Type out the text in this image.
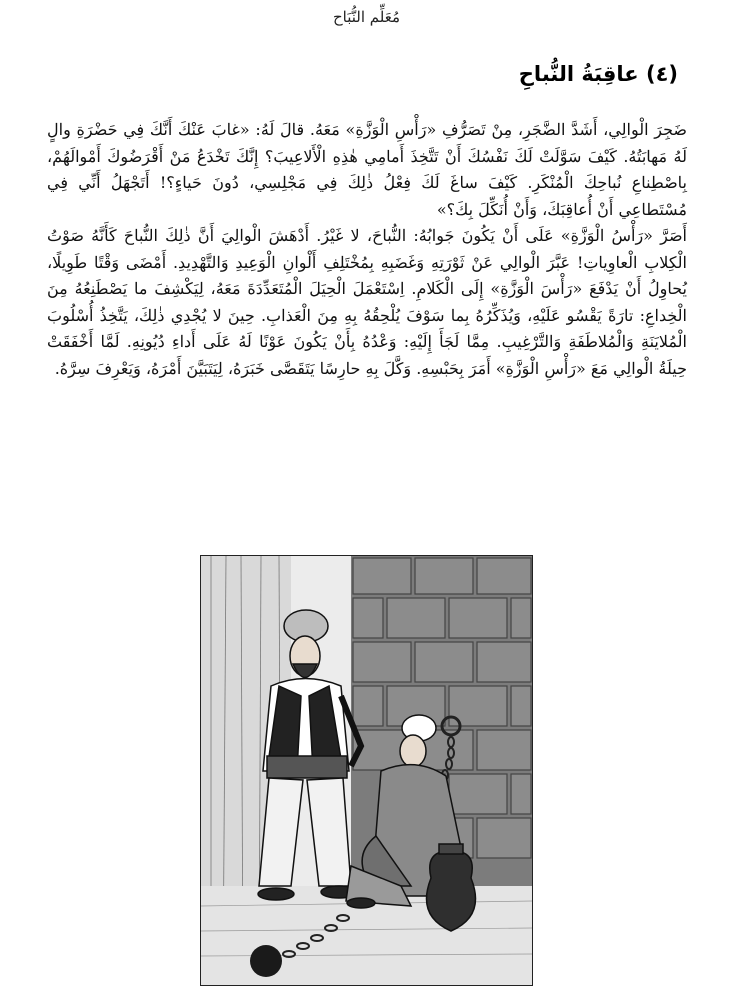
مُعَلِّم النُّبَاح
(٤) عاقِبَةُ النُّباحِ

ضَجِرَ الْوالِي، أَشَدَّ الضَّجَرِ، مِنْ تَصَرُّفِ «رَأْسِ الْوَزَّةِ» مَعَهُ. قالَ لَهُ: «غابَ عَنْكَ أَنَّكَ فِي حَضْرَةِ والٍ لَهُ مَهابَتُهُ. كَيْفَ سَوَّلَتْ لَكَ نَفْسُكَ أَنْ تَتَّخِذَ أَمامِي هٰذِهِ الْأَلاعِيبَ؟ إِنَّكَ تَخْدَعُ مَنْ أَقْرَضُوكَ أَمْوالَهُمْ، بِاصْطِناعِ نُباحِكَ الْمُنْكَرِ. كَيْفَ ساغَ لَكَ فِعْلُ ذٰلِكَ فِي مَجْلِسِي، دُونَ حَياءٍ؟! أَتَجْهَلُ أَنِّي فِي مُسْتَطاعِي أَنْ أُعاقِبَكَ، وَأَنْ أُنَكِّلَ بِكَ؟»

أَصَرَّ «رَأْسُ الْوَزَّةِ» عَلَى أَنْ يَكُونَ جَوابُهُ: النُّباحَ، لا غَيْرُ. أَدْهَشَ الْوالِيَ أَنَّ ذٰلِكَ النُّباحَ كَأَنَّهُ صَوْتُ الْكِلابِ الْعاوِياتِ! عَبَّرَ الْوالِي عَنْ ثَوْرَتِهِ وَغَضَبِهِ بِمُخْتَلِفِ أَلْوانِ الْوَعِيدِ وَالتَّهْدِيدِ. أَمْضَى وَقْتًا طَوِيلًا، يُحاوِلُ أَنْ يَدْفَعَ «رَأْسَ الْوَزَّةِ» إِلَى الْكَلامِ. اِسْتَعْمَلَ الْحِيَلَ الْمُتَعَدِّدَةَ مَعَهُ، لِيَكْشِفَ ما يَصْطَنِعُهُ مِنَ الْخِداعِ: تارَةً يَقْسُو عَلَيْهِ، وَيُذَكِّرُهُ بِما سَوْفَ يُلْحِقُهُ بِهِ مِنَ الْعَذابِ. حِينَ لا يُجْدِي ذٰلِكَ، يَتَّخِذُ أُسْلُوبَ الْمُلايَنَةِ وَالْمُلاطَفَةِ وَالتَّرْغِيبِ. مِمَّا لَجَأَ إِلَيْهِ: وَعْدُهُ بِأَنْ يَكُونَ عَوْنًا لَهُ عَلَى أَداءِ دُيُونِهِ. لَمَّا أَخْفَقَتْ حِيلَةُ الْوالِي مَعَ «رَأْسِ الْوَزَّةِ» أَمَرَ بِحَبْسِهِ. وَكَّلَ بِهِ حارِسًا يَتَقَصَّى خَبَرَهُ، لِيَتَبَيَّنَ أَمْرَهُ، وَيَعْرِفَ سِرَّهُ.
